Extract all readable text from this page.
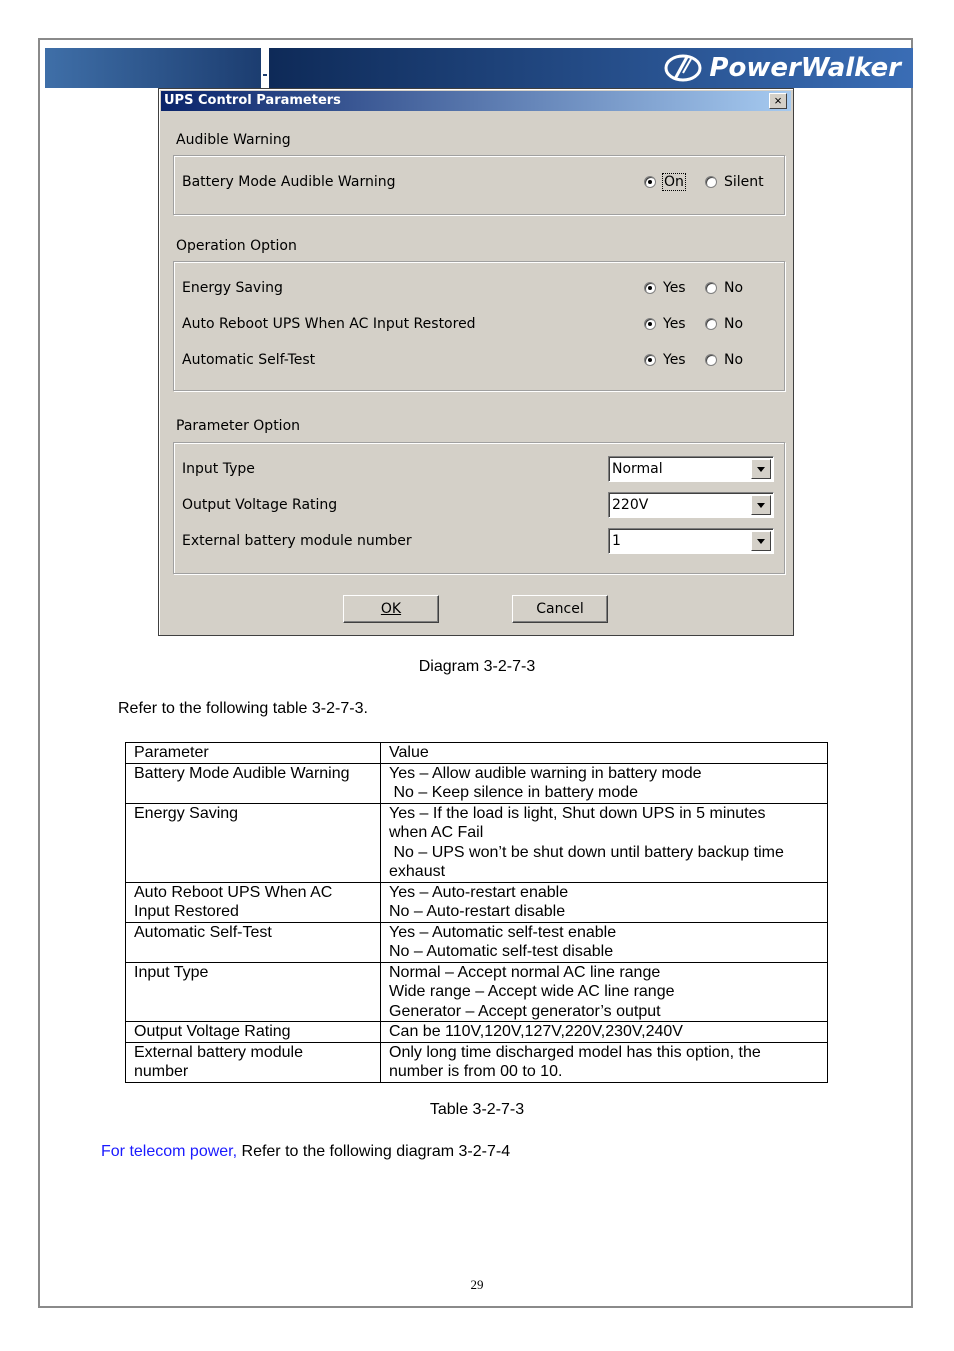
PowerWalker
UPS Control Parameters	×
Audible Warning
Battery Mode Audible Warning	On	Silent
Operation Option
Energy Saving	Yes	No
Auto Reboot UPS When AC Input Restored	Yes	No
Automatic Self-Test	Yes	No
Parameter Option
Input Type	Normal
Output Voltage Rating	220V
External battery module number	1
OK	Cancel
Diagram 3-2-7-3
Refer to the following table 3-2-7-3.
Parameter	Value

Battery Mode Audible Warning	Yes – Allow audible warning in battery mode
No – Keep silence in battery mode

Energy Saving	Yes – If the load is light, Shut down UPS in 5 minutes
when AC Fail
No – UPS won’t be shut down until battery backup time
exhaust

Auto Reboot UPS When AC
Input Restored	Yes – Auto-restart enable
No – Auto-restart disable

Automatic Self-Test	Yes – Automatic self-test enable
No – Automatic self-test disable

Input Type	Normal – Accept normal AC line range
Wide range – Accept wide AC line range
Generator – Accept generator’s output

Output Voltage Rating	Can be 110V,120V,127V,220V,230V,240V

External battery module
number	Only long time discharged model has this option, the
number is from 00 to 10.
Table 3-2-7-3
For telecom power, Refer to the following diagram 3-2-7-4
29
